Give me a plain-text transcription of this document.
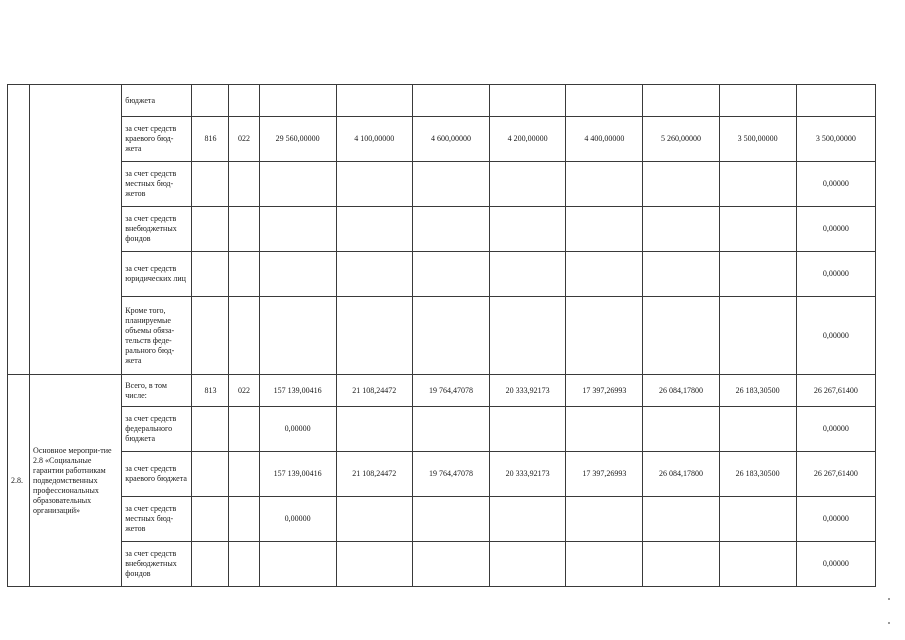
		бюджета										
		за счет средств краевого бюд-жета	816	022	29 560,00000	4 100,00000	4 600,00000	4 200,00000	4 400,00000	5 260,00000	3 500,00000	3 500,00000
		за счет средств местных бюд-жетов										0,00000
		за счет средств внебюджетных фондов										0,00000
		за счет средств юридических лиц										0,00000
		Кроме того, планируемые объемы обяза-тельств феде-рального бюд-жета										0,00000
2.8.	Основное меропри-тие 2.8 «Социальные гарантии работникам подведомственных профессиональных образовательных организаций»	Всего, в том числе:	813	022	157 139,00416	21 108,24472	19 764,47078	20 333,92173	17 397,26993	26 084,17800	26 183,30500	26 267,61400
		за счет средств федерального бюджета			0,00000							0,00000
		за счет средств краевого бюджета			157 139,00416	21 108,24472	19 764,47078	20 333,92173	17 397,26993	26 084,17800	26 183,30500	26 267,61400
		за счет средств местных бюд-жетов			0,00000							0,00000
		за счет средств внебюджетных фондов										0,00000
